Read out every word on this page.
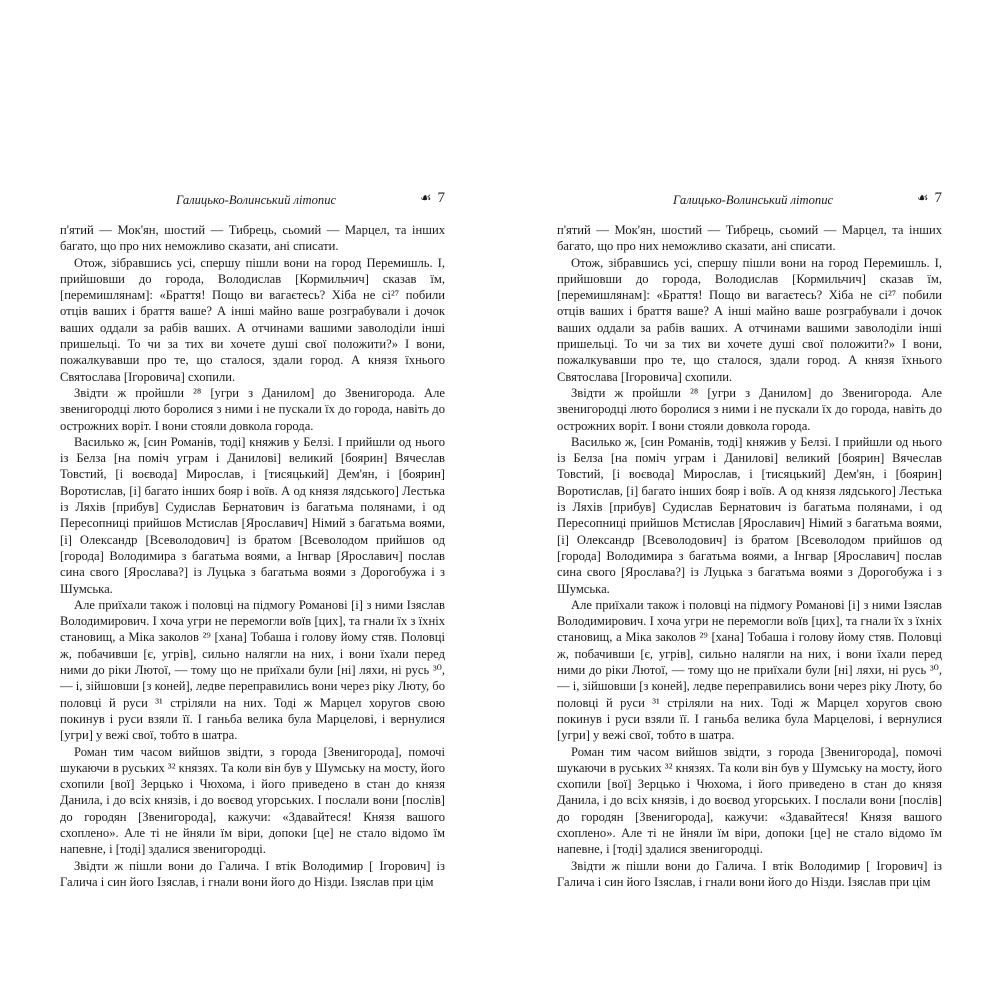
Галицько-Волинський літопис	☙ 7

п'ятий — Мок'ян, шостий — Тибрець, сьомий — Марцел, та інших багато, що про них неможливо сказати, ані списати.

Отож, зібравшись усі, спершу пішли вони на город Перемишль. І, прийшовши до города, Володислав [Кормильчич] сказав їм, [перемишлянам]: «Браття! Пощо ви вагаєтесь? Хіба не сі²⁷ побили отців ваших і браття ваше? А інші майно ваше розграбували і дочок ваших оддали за рабів ваших. А отчинами вашими заволоділи інші пришельці. То чи за тих ви хочете душі свої положити?» І вони, пожалкувавши про те, що сталося, здали город. А князя їхнього Святослава [Ігоровича] схопили.

Звідти ж пройшли ²⁸ [угри з Данилом] до Звенигорода. Але звенигородці люто боролися з ними і не пускали їх до города, навіть до острожних воріт. І вони стояли довкола города.

Василько ж, [син Романів, тоді] княжив у Белзі. І прийшли од нього із Белза [на поміч уграм і Данилові] великий [боярин] Вячеслав Товстий, [і воєвода] Мирослав, і [тисяцький] Дем'ян, і [боярин] Воротислав, [і] багато інших бояр і воїв. А од князя лядського] Лестька із Ляхів [прибув] Судислав Бернатович із багатьма полянами, і од Пересопниці прийшов Мстислав [Ярославич] Німий з багатьма воями, [і] Олександр [Всеволодович] із братом [Всеволодом прийшов од [города] Володимира з багатьма воями, а Інгвар [Ярославич] послав сина свого [Ярослава?] із Луцька з багатьма воями з Дорогобужа і з Шумська.

Але приїхали також і половці на підмогу Романові [і] з ними Ізяслав Володимирович. І хоча угри не перемогли воїв [цих], та гнали їх з їхніх становищ, а Міка заколов ²⁹ [хана] Тобаша і голову йому стяв. Половці ж, побачивши [є, угрів], сильно налягли на них, і вони їхали перед ними до ріки Лютої, — тому що не приїхали були [ні] ляхи, ні русь ³⁰, — і, зійшовши [з коней], ледве переправились вони через ріку Люту, бо половці й руси ³¹ стріляли на них. Тоді ж Марцел хоругов свою покинув і руси взяли її. І ганьба велика була Марцелові, і вернулися [угри] у вежі свої, тобто в шатра.

Роман тим часом вийшов звідти, з города [Звенигорода], помочі шукаючи в руських ³² князях. Та коли він був у Шумську на мосту, його схопили [вої] Зерцько і Чюхома, і його приведено в стан до князя Данила, і до всіх князів, і до воєвод угорських. І послали вони [послів] до городян [Звенигорода], кажучи: «Здавайтеся! Князя вашого схоплено». Але ті не йняли їм віри, допоки [це] не стало відомо їм напевне, і [тоді] здалися звенигородці.

Звідти ж пішли вони до Галича. І втік Володимир [ Ігорович] із Галича і син його Ізяслав, і гнали вони його до Нізди. Ізяслав при цім

Галицько-Волинський літопис	☙ 7

п'ятий — Мок'ян, шостий — Тибрець, сьомий — Марцел, та інших багато, що про них неможливо сказати, ані списати.

Отож, зібравшись усі, спершу пішли вони на город Перемишль. І, прийшовши до города, Володислав [Кормильчич] сказав їм, [перемишлянам]: «Браття! Пощо ви вагаєтесь? Хіба не сі²⁷ побили отців ваших і браття ваше? А інші майно ваше розграбували і дочок ваших оддали за рабів ваших. А отчинами вашими заволоділи інші пришельці. То чи за тих ви хочете душі свої положити?» І вони, пожалкувавши про те, що сталося, здали город. А князя їхнього Святослава [Ігоровича] схопили.

Звідти ж пройшли ²⁸ [угри з Данилом] до Звенигорода. Але звенигородці люто боролися з ними і не пускали їх до города, навіть до острожних воріт. І вони стояли довкола города.

Василько ж, [син Романів, тоді] княжив у Белзі. І прийшли од нього із Белза [на поміч уграм і Данилові] великий [боярин] Вячеслав Товстий, [і воєвода] Мирослав, і [тисяцький] Дем'ян, і [боярин] Воротислав, [і] багато інших бояр і воїв. А од князя лядського] Лестька із Ляхів [прибув] Судислав Бернатович із багатьма полянами, і од Пересопниці прийшов Мстислав [Ярославич] Німий з багатьма воями, [і] Олександр [Всеволодович] із братом [Всеволодом прийшов од [города] Володимира з багатьма воями, а Інгвар [Ярославич] послав сина свого [Ярослава?] із Луцька з багатьма воями з Дорогобужа і з Шумська.

Але приїхали також і половці на підмогу Романові [і] з ними Ізяслав Володимирович. І хоча угри не перемогли воїв [цих], та гнали їх з їхніх становищ, а Міка заколов ²⁹ [хана] Тобаша і голову йому стяв. Половці ж, побачивши [є, угрів], сильно налягли на них, і вони їхали перед ними до ріки Лютої, — тому що не приїхали були [ні] ляхи, ні русь ³⁰, — і, зійшовши [з коней], ледве переправились вони через ріку Люту, бо половці й руси ³¹ стріляли на них. Тоді ж Марцел хоругов свою покинув і руси взяли її. І ганьба велика була Марцелові, і вернулися [угри] у вежі свої, тобто в шатра.

Роман тим часом вийшов звідти, з города [Звенигорода], помочі шукаючи в руських ³² князях. Та коли він був у Шумську на мосту, його схопили [вої] Зерцько і Чюхома, і його приведено в стан до князя Данила, і до всіх князів, і до воєвод угорських. І послали вони [послів] до городян [Звенигорода], кажучи: «Здавайтеся! Князя вашого схоплено». Але ті не йняли їм віри, допоки [це] не стало відомо їм напевне, і [тоді] здалися звенигородці.

Звідти ж пішли вони до Галича. І втік Володимир [ Ігорович] із Галича і син його Ізяслав, і гнали вони його до Нізди. Ізяслав при цім
